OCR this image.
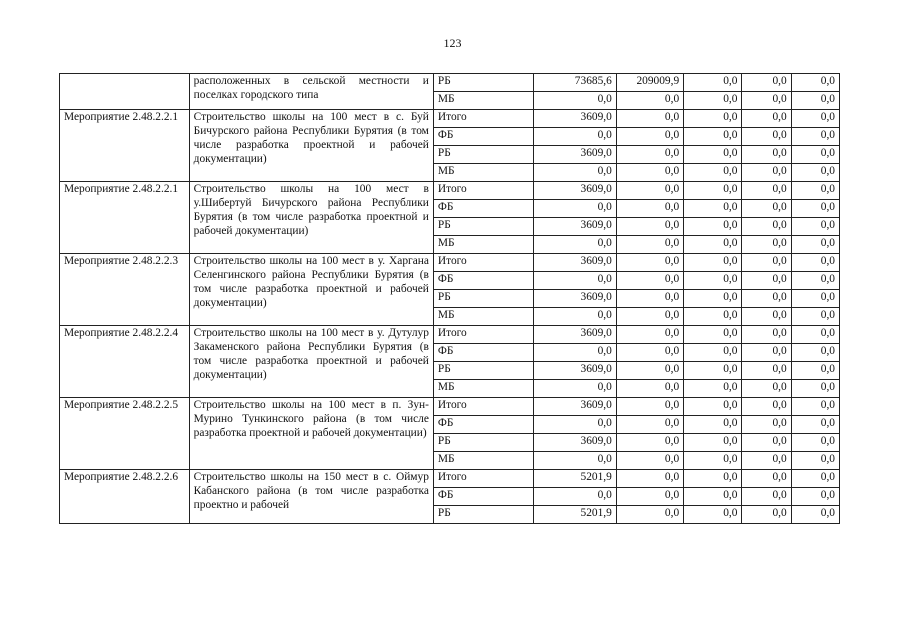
123
	расположенных в сельской местности и поселках городского типа	РБ	73685,6	209009,9	0,0	0,0	0,0
		МБ	0,0	0,0	0,0	0,0	0,0
Мероприятие 2.48.2.2.1	Строительство школы на 100 мест в с. Буй Бичурского района Республики Бурятия (в том числе разработка проектной и рабочей документации)	Итого	3609,0	0,0	0,0	0,0	0,0
		ФБ	0,0	0,0	0,0	0,0	0,0
		РБ	3609,0	0,0	0,0	0,0	0,0
		МБ	0,0	0,0	0,0	0,0	0,0
Мероприятие 2.48.2.2.1	Строительство школы на 100 мест в у.Шибертуй Бичурского района Республики Бурятия (в том числе разработка проектной и рабочей документации)	Итого	3609,0	0,0	0,0	0,0	0,0
		ФБ	0,0	0,0	0,0	0,0	0,0
		РБ	3609,0	0,0	0,0	0,0	0,0
		МБ	0,0	0,0	0,0	0,0	0,0
Мероприятие 2.48.2.2.3	Строительство школы на 100 мест в у. Харгана Селенгинского района Республики Бурятия (в том числе разработка проектной и рабочей документации)	Итого	3609,0	0,0	0,0	0,0	0,0
		ФБ	0,0	0,0	0,0	0,0	0,0
		РБ	3609,0	0,0	0,0	0,0	0,0
		МБ	0,0	0,0	0,0	0,0	0,0
Мероприятие 2.48.2.2.4	Строительство школы на 100 мест в у. Дутулур Закаменского района Республики Бурятия (в том числе разработка проектной и рабочей документации)	Итого	3609,0	0,0	0,0	0,0	0,0
		ФБ	0,0	0,0	0,0	0,0	0,0
		РБ	3609,0	0,0	0,0	0,0	0,0
		МБ	0,0	0,0	0,0	0,0	0,0
Мероприятие 2.48.2.2.5	Строительство школы на 100 мест в п. Зун-Мурино Тункинского района (в том числе разработка проектной и рабочей документации)	Итого	3609,0	0,0	0,0	0,0	0,0
		ФБ	0,0	0,0	0,0	0,0	0,0
		РБ	3609,0	0,0	0,0	0,0	0,0
		МБ	0,0	0,0	0,0	0,0	0,0
Мероприятие 2.48.2.2.6	Строительство школы на 150 мест в с. Оймур Кабанского района (в том числе разработка проектно и рабочей	Итого	5201,9	0,0	0,0	0,0	0,0
		ФБ	0,0	0,0	0,0	0,0	0,0
		РБ	5201,9	0,0	0,0	0,0	0,0
